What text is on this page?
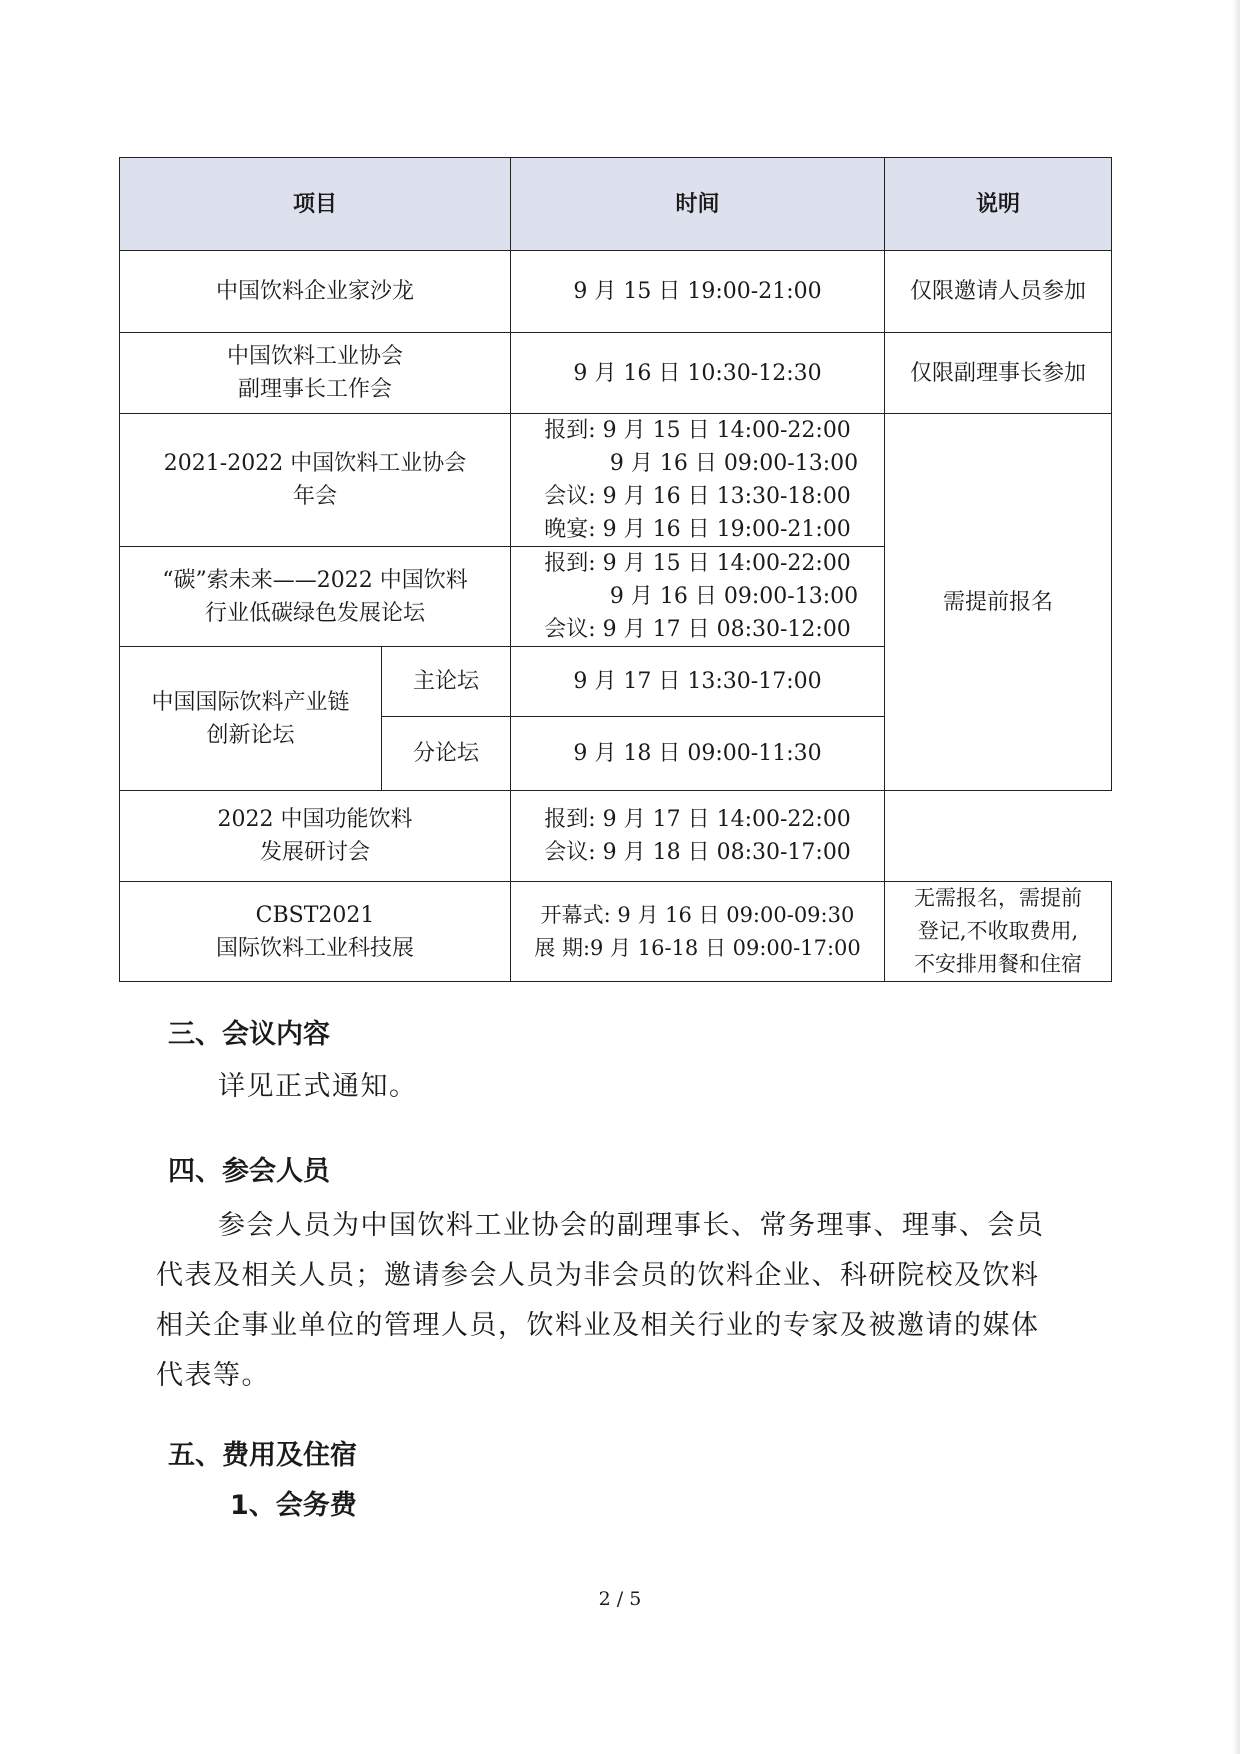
项目		时间	说明

中国饮料企业家沙龙		9 月 15 日 19:00-21:00	仅限邀请人员参加

中国饮料工业协会
副理事长工作会		9 月 16 日 10:30-12:30	仅限副理事长参加

2021-2022 中国饮料工业协会
年会		报到: 9 月 15 日 14:00-22:00
9 月 16 日 09:00-13:00
会议: 9 月 16 日 13:30-18:00
晚宴: 9 月 16 日 19:00-21:00	需提前报名

“碳”索未来——2022 中国饮料
行业低碳绿色发展论坛		报到: 9 月 15 日 14:00-22:00
9 月 16 日 09:00-13:00
会议: 9 月 17 日 08:30-12:00	

中国国际饮料产业链
创新论坛	主论坛	9 月 17 日 13:30-17:00	
	分论坛	9 月 18 日 09:00-11:30	

2022 中国功能饮料
发展研讨会		报到: 9 月 17 日 14:00-22:00
会议: 9 月 18 日 08:30-17:00	

CBST2021
国际饮料工业科技展		开幕式: 9 月 16 日 09:00-09:30
展 期:9 月 16-18 日 09:00-17:00	无需报名，需提前
登记,不收取费用,
不安排用餐和住宿
三、会议内容
详见正式通知。
四、参会人员
参会人员为中国饮料工业协会的副理事长、常务理事、理事、会员
代表及相关人员；邀请参会人员为非会员的饮料企业、科研院校及饮料
相关企事业单位的管理人员，饮料业及相关行业的专家及被邀请的媒体
代表等。
五、费用及住宿
1、会务费
2 / 5
